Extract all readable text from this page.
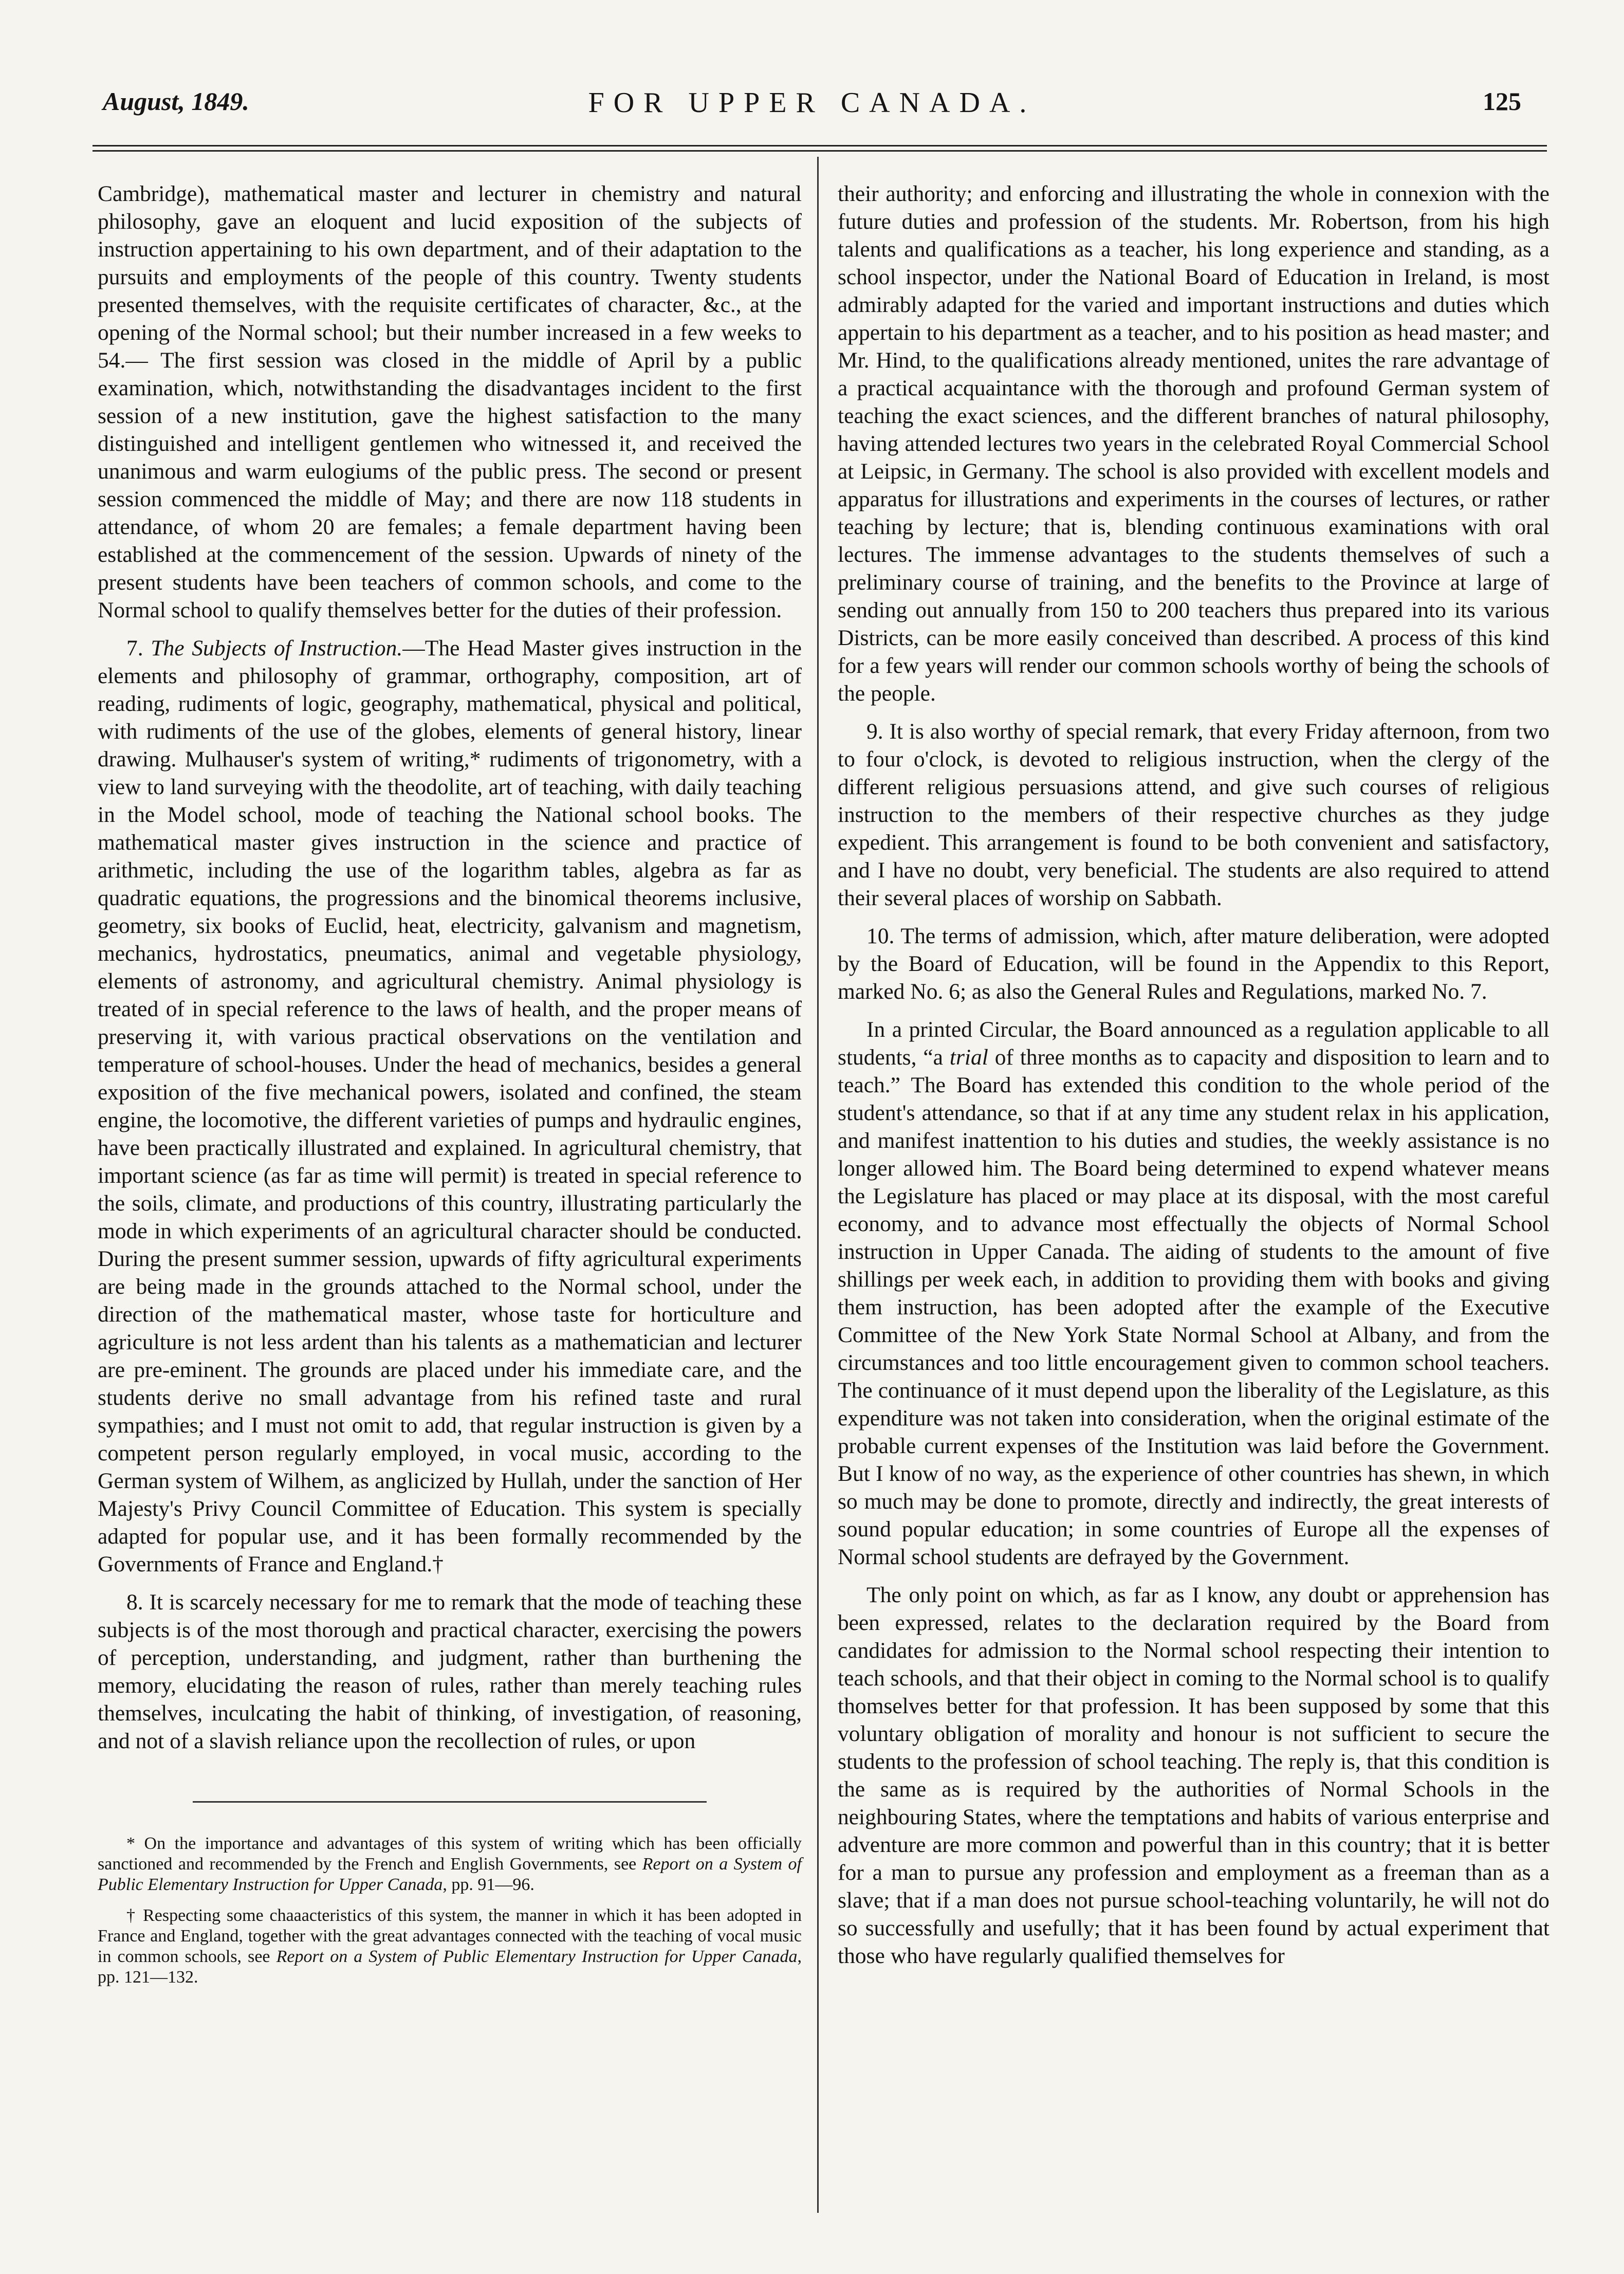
August, 1849.	FOR UPPER CANADA.	125

Cambridge), mathematical master and lecturer in chemistry and natural philosophy, gave an eloquent and lucid exposition of the subjects of instruction appertaining to his own department, and of their adaptation to the pursuits and employments of the people of this country. Twenty students presented themselves, with the requisite certificates of character, &c., at the opening of the Normal school; but their number increased in a few weeks to 54.— The first session was closed in the middle of April by a public examination, which, notwithstanding the disadvantages incident to the first session of a new institution, gave the highest satisfaction to the many distinguished and intelligent gentlemen who witnessed it, and received the unanimous and warm eulogiums of the public press. The second or present session commenced the middle of May; and there are now 118 students in attendance, of whom 20 are females; a female department having been established at the commencement of the session. Upwards of ninety of the present students have been teachers of common schools, and come to the Normal school to qualify themselves better for the duties of their profession.

7. The Subjects of Instruction.—The Head Master gives instruction in the elements and philosophy of grammar, orthography, composition, art of reading, rudiments of logic, geography, mathematical, physical and political, with rudiments of the use of the globes, elements of general history, linear drawing. Mulhauser's system of writing,* rudiments of trigonometry, with a view to land surveying with the theodolite, art of teaching, with daily teaching in the Model school, mode of teaching the National school books. The mathematical master gives instruction in the science and practice of arithmetic, including the use of the logarithm tables, algebra as far as quadratic equations, the progressions and the binomical theorems inclusive, geometry, six books of Euclid, heat, electricity, galvanism and magnetism, mechanics, hydrostatics, pneumatics, animal and vegetable physiology, elements of astronomy, and agricultural chemistry. Animal physiology is treated of in special reference to the laws of health, and the proper means of preserving it, with various practical observations on the ventilation and temperature of school-houses. Under the head of mechanics, besides a general exposition of the five mechanical powers, isolated and confined, the steam engine, the locomotive, the different varieties of pumps and hydraulic engines, have been practically illustrated and explained. In agricultural chemistry, that important science (as far as time will permit) is treated in special reference to the soils, climate, and productions of this country, illustrating particularly the mode in which experiments of an agricultural character should be conducted. During the present summer session, upwards of fifty agricultural experiments are being made in the grounds attached to the Normal school, under the direction of the mathematical master, whose taste for horticulture and agriculture is not less ardent than his talents as a mathematician and lecturer are pre-eminent. The grounds are placed under his immediate care, and the students derive no small advantage from his refined taste and rural sympathies; and I must not omit to add, that regular instruction is given by a competent person regularly employed, in vocal music, according to the German system of Wilhem, as anglicized by Hullah, under the sanction of Her Majesty's Privy Council Committee of Education. This system is specially adapted for popular use, and it has been formally recommended by the Governments of France and England.†

8. It is scarcely necessary for me to remark that the mode of teaching these subjects is of the most thorough and practical character, exercising the powers of perception, understanding, and judgment, rather than burthening the memory, elucidating the reason of rules, rather than merely teaching rules themselves, inculcating the habit of thinking, of investigation, of reasoning, and not of a slavish reliance upon the recollection of rules, or upon

* On the importance and advantages of this system of writing which has been officially sanctioned and recommended by the French and English Governments, see Report on a System of Public Elementary Instruction for Upper Canada, pp. 91—96.

† Respecting some chaaacteristics of this system, the manner in which it has been adopted in France and England, together with the great advantages connected with the teaching of vocal music in common schools, see Report on a System of Public Elementary Instruction for Upper Canada, pp. 121—132.

their authority; and enforcing and illustrating the whole in connexion with the future duties and profession of the students. Mr. Robertson, from his high talents and qualifications as a teacher, his long experience and standing, as a school inspector, under the National Board of Education in Ireland, is most admirably adapted for the varied and important instructions and duties which appertain to his department as a teacher, and to his position as head master; and Mr. Hind, to the qualifications already mentioned, unites the rare advantage of a practical acquaintance with the thorough and profound German system of teaching the exact sciences, and the different branches of natural philosophy, having attended lectures two years in the celebrated Royal Commercial School at Leipsic, in Germany. The school is also provided with excellent models and apparatus for illustrations and experiments in the courses of lectures, or rather teaching by lecture; that is, blending continuous examinations with oral lectures. The immense advantages to the students themselves of such a preliminary course of training, and the benefits to the Province at large of sending out annually from 150 to 200 teachers thus prepared into its various Districts, can be more easily conceived than described. A process of this kind for a few years will render our common schools worthy of being the schools of the people.

9. It is also worthy of special remark, that every Friday afternoon, from two to four o'clock, is devoted to religious instruction, when the clergy of the different religious persuasions attend, and give such courses of religious instruction to the members of their respective churches as they judge expedient. This arrangement is found to be both convenient and satisfactory, and I have no doubt, very beneficial. The students are also required to attend their several places of worship on Sabbath.

10. The terms of admission, which, after mature deliberation, were adopted by the Board of Education, will be found in the Appendix to this Report, marked No. 6; as also the General Rules and Regulations, marked No. 7.

In a printed Circular, the Board announced as a regulation applicable to all students, “a trial of three months as to capacity and disposition to learn and to teach.” The Board has extended this condition to the whole period of the student's attendance, so that if at any time any student relax in his application, and manifest inattention to his duties and studies, the weekly assistance is no longer allowed him. The Board being determined to expend whatever means the Legislature has placed or may place at its disposal, with the most careful economy, and to advance most effectually the objects of Normal School instruction in Upper Canada. The aiding of students to the amount of five shillings per week each, in addition to providing them with books and giving them instruction, has been adopted after the example of the Executive Committee of the New York State Normal School at Albany, and from the circumstances and too little encouragement given to common school teachers. The continuance of it must depend upon the liberality of the Legislature, as this expenditure was not taken into consideration, when the original estimate of the probable current expenses of the Institution was laid before the Government. But I know of no way, as the experience of other countries has shewn, in which so much may be done to promote, directly and indirectly, the great interests of sound popular education; in some countries of Europe all the expenses of Normal school students are defrayed by the Government.

The only point on which, as far as I know, any doubt or apprehension has been expressed, relates to the declaration required by the Board from candidates for admission to the Normal school respecting their intention to teach schools, and that their object in coming to the Normal school is to qualify thomselves better for that profession. It has been supposed by some that this voluntary obligation of morality and honour is not sufficient to secure the students to the profession of school teaching. The reply is, that this condition is the same as is required by the authorities of Normal Schools in the neighbouring States, where the temptations and habits of various enterprise and adventure are more common and powerful than in this country; that it is better for a man to pursue any profession and employment as a freeman than as a slave; that if a man does not pursue school-teaching voluntarily, he will not do so successfully and usefully; that it has been found by actual experiment that those who have regularly qualified themselves for
